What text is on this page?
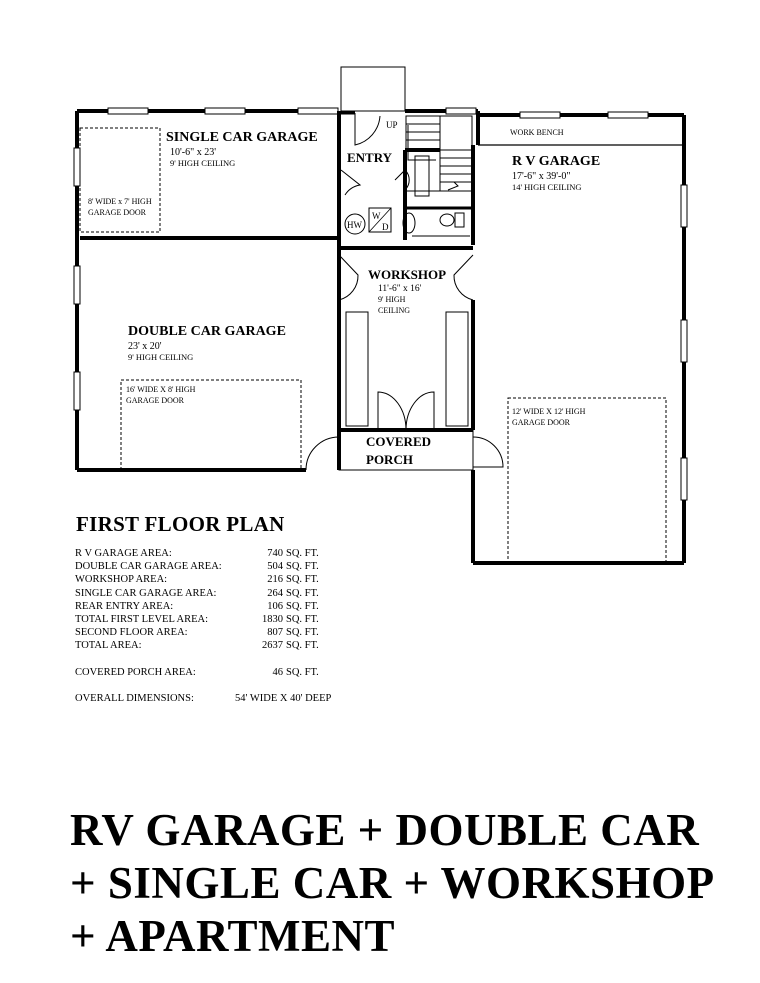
SINGLE CAR GARAGE
10'-6" x 23'
9' HIGH CEILING
8' WIDE x 7' HIGH
GARAGE DOOR
DOUBLE CAR GARAGE
23' x 20'
9' HIGH CEILING
16' WIDE X 8' HIGH
GARAGE DOOR
ENTRY
UP
HW
W
D
WORKSHOP
11'-6" x 16'
9' HIGH
CEILING
COVERED
PORCH
WORK BENCH
R V GARAGE
17'-6" x 39'-0"
14' HIGH CEILING
12' WIDE X 12' HIGH
GARAGE DOOR
FIRST FLOOR PLAN
R V GARAGE AREA:	740 SQ. FT.
DOUBLE CAR GARAGE AREA:	504 SQ. FT.
WORKSHOP AREA:	216 SQ. FT.
SINGLE CAR GARAGE AREA:	264 SQ. FT.
REAR ENTRY AREA:	106 SQ. FT.
TOTAL FIRST LEVEL AREA:	1830 SQ. FT.
SECOND FLOOR AREA:	807 SQ. FT.
TOTAL AREA:	2637 SQ. FT.
COVERED PORCH AREA:	46 SQ. FT.
OVERALL DIMENSIONS:	54' WIDE X 40' DEEP
RV GARAGE + DOUBLE CAR
+ SINGLE CAR + WORKSHOP
+ APARTMENT
